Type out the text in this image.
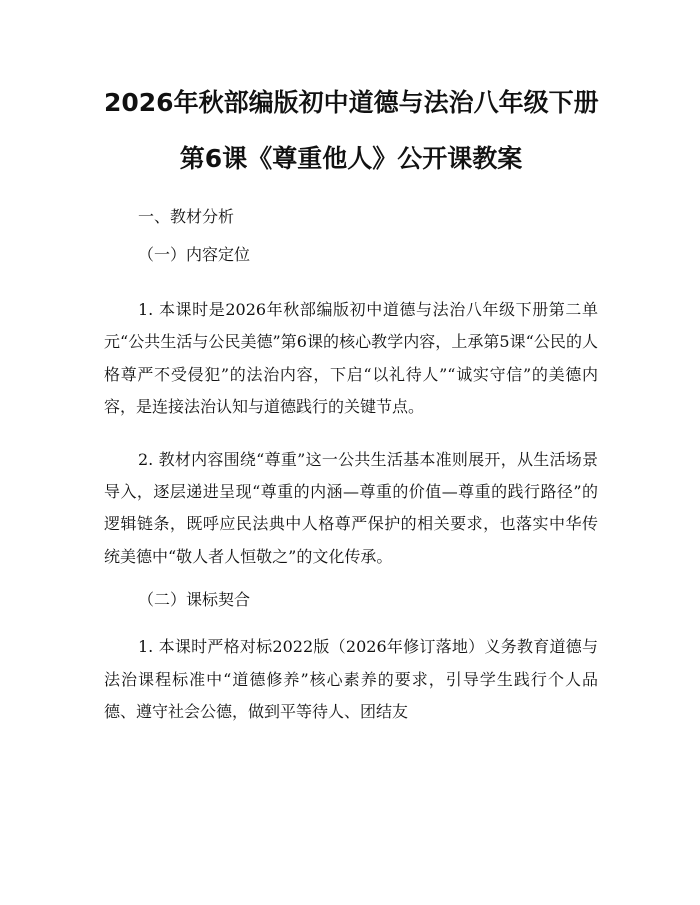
2026年秋部编版初中道德与法治八年级下册
第6课《尊重他人》公开课教案

一、教材分析

（一）内容定位

1. 本课时是2026年秋部编版初中道德与法治八年级下册第二单元“公共生活与公民美德”第6课的核心教学内容，上承第5课“公民的人格尊严不受侵犯”的法治内容，下启“以礼待人”“诚实守信”的美德内容，是连接法治认知与道德践行的关键节点。

2. 教材内容围绕“尊重”这一公共生活基本准则展开，从生活场景导入，逐层递进呈现“尊重的内涵—尊重的价值—尊重的践行路径”的逻辑链条，既呼应民法典中人格尊严保护的相关要求，也落实中华传统美德中“敬人者人恒敬之”的文化传承。

（二）课标契合

1. 本课时严格对标2022版（2026年修订落地）义务教育道德与法治课程标准中“道德修养”核心素养的要求，引导学生践行个人品德、遵守社会公德，做到平等待人、团结友
